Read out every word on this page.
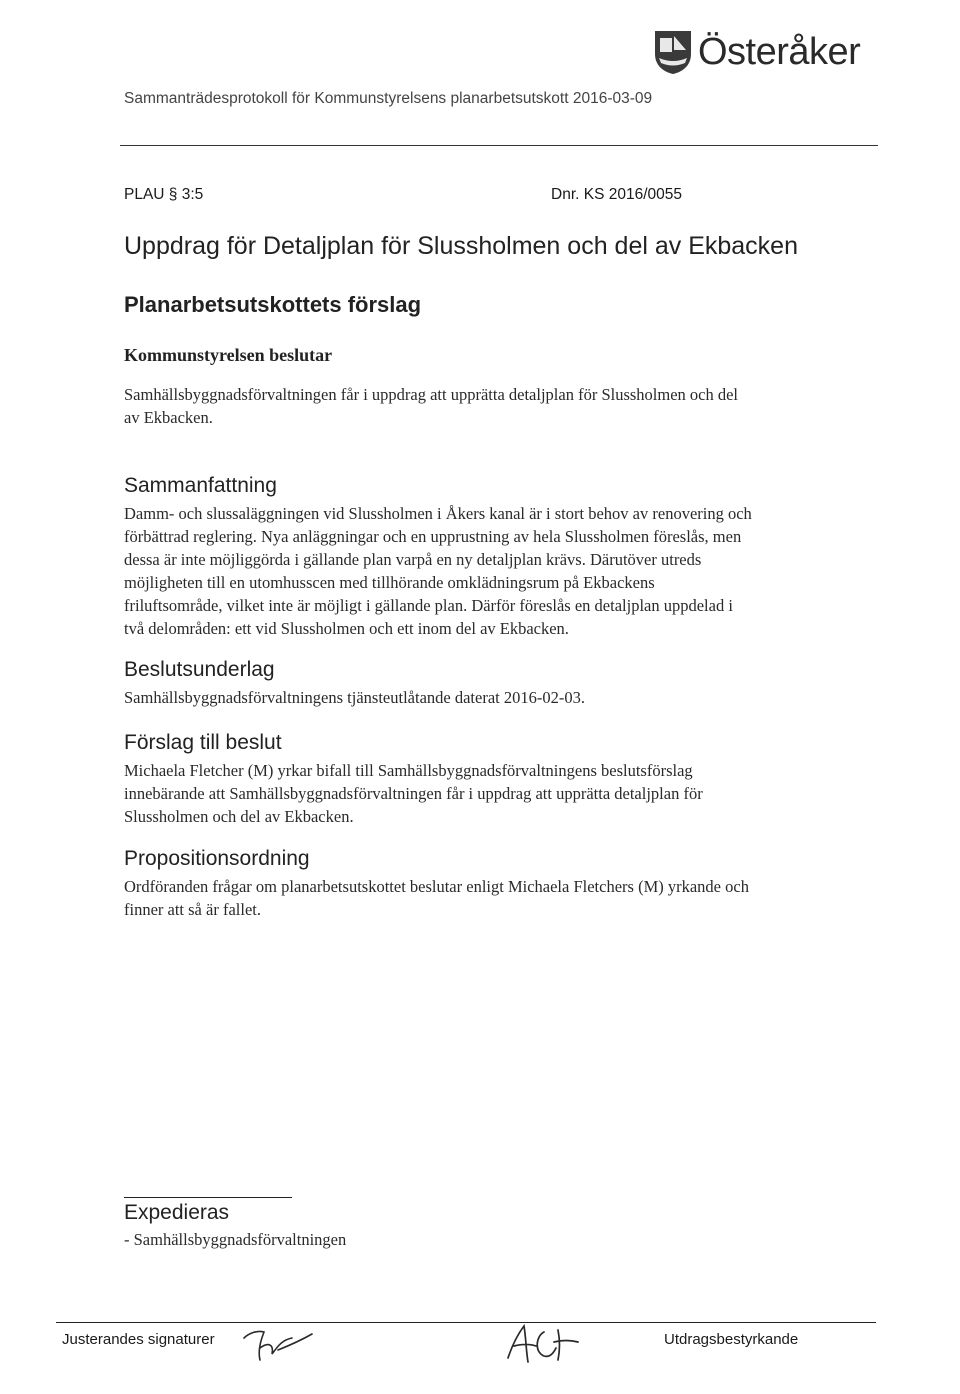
Österåker
Sammanträdesprotokoll för Kommunstyrelsens planarbetsutskott 2016-03-09
PLAU § 3:5	Dnr. KS 2016/0055
Uppdrag för Detaljplan för Slussholmen och del av Ekbacken
Planarbetsutskottets förslag
Kommunstyrelsen beslutar
Samhällsbyggnadsförvaltningen får i uppdrag att upprätta detaljplan för Slussholmen och del
av Ekbacken.
Sammanfattning
Damm- och slussaläggningen vid Slussholmen i Åkers kanal är i stort behov av renovering och
förbättrad reglering. Nya anläggningar och en upprustning av hela Slussholmen föreslås, men
dessa är inte möjliggörda i gällande plan varpå en ny detaljplan krävs. Därutöver utreds
möjligheten till en utomhusscen med tillhörande omklädningsrum på Ekbackens
friluftsområde, vilket inte är möjligt i gällande plan. Därför föreslås en detaljplan uppdelad i
två delområden: ett vid Slussholmen och ett inom del av Ekbacken.
Beslutsunderlag
Samhällsbyggnadsförvaltningens tjänsteutlåtande daterat 2016-02-03.
Förslag till beslut
Michaela Fletcher (M) yrkar bifall till Samhällsbyggnadsförvaltningens beslutsförslag
innebärande att Samhällsbyggnadsförvaltningen får i uppdrag att upprätta detaljplan för
Slussholmen och del av Ekbacken.
Propositionsordning
Ordföranden frågar om planarbetsutskottet beslutar enligt Michaela Fletchers (M) yrkande och
finner att så är fallet.
Expedieras
- Samhällsbyggnadsförvaltningen
Justerandes signaturer	Utdragsbestyrkande
